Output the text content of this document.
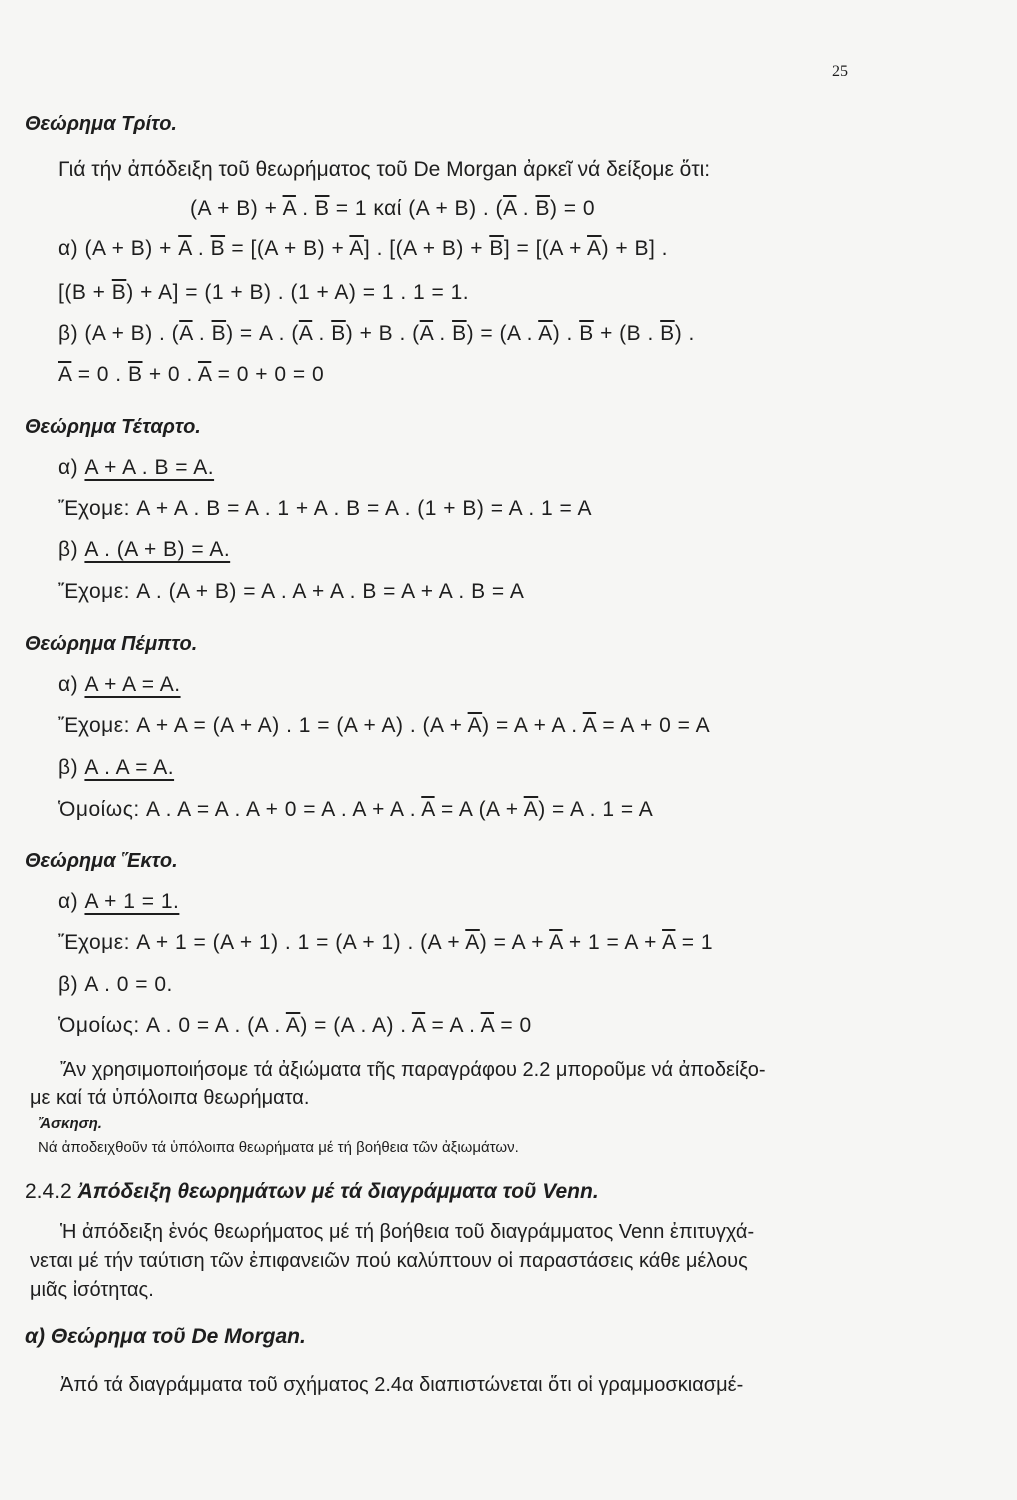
25
Θεώρημα Τρίτο.
Γιά τήν ἀπόδειξη τοῦ θεωρήματος τοῦ De Morgan ἀρκεῖ νά δείξομε ὅτι:
$(A + B) + \overline{A}$ . $\overline{B} = 1$ καί (A + B) . ($\overline{A}$ . $\overline{B}) = 0$
α) $(A + B) + \overline{A}$ . $\overline{B} = [(A + B) + \overline{A}]$ . $[(A + B) + \overline{B}] = [(A + \overline{A}) + B]$ .
$[(B + \overline{B}) + A] = (1 + B)$ . (1 + A) = 1 . 1 = 1.
β) (A + B) . ($\overline{A}$ . $\overline{B}) = A$ . ($\overline{A}$ . $\overline{B}) + B$ . ($\overline{A}$ . $\overline{B}) = (A$ . $\overline{A}$) . $\overline{B} + (B$ . $\overline{B}$) .
$\overline{A} = 0$ . $\overline{B} + 0$ . $\overline{A} = 0 + 0 = 0$
Θεώρημα Τέταρτο.
α) A + A . B = A.
Ἔχομε: A + A . B = A . 1 + A . B = A . (1 + B) = A . 1 = A
β) A . (A + B) = A.
Ἔχομε: A . (A + B) = A . A + A . B = A + A . B = A
Θεώρημα Πέμπτο.
α) A + A = A.
Ἔχομε: A + A = (A + A) . 1 = (A + A) . $(A + \overline{A}) = A + A$ . $\overline{A} = A + 0 = A$
β) A . A = A.
Ὁμοίως: A . A = A . A + 0 = A . A + A . $\overline{A} = A$ $(A + \overline{A}) = A$ . 1 = A
Θεώρημα Ἕκτο.
α) A + 1 = 1.
Ἔχομε: A + 1 = (A + 1) . 1 = (A + 1) . $(A + \overline{A}) = A + \overline{A} + 1 = A + \overline{A} = 1$
β) A . 0 = 0.
Ὁμοίως: A . 0 = A . (A . $\overline{A}) = (A$ . A) . $\overline{A} = A$ . $\overline{A} = 0$
Ἄν χρησιμοποιήσομε τά ἀξιώματα τῆς παραγράφου 2.2 μποροῦμε νά ἀποδείξο-
με καί τά ὑπόλοιπα θεωρήματα.
Ἄσκηση.
Νά ἀποδειχθοῦν τά ὑπόλοιπα θεωρήματα μέ τή βοήθεια τῶν ἀξιωμάτων.
2.4.2 Ἀπόδειξη θεωρημάτων μέ τά διαγράμματα τοῦ Venn.
Ἡ ἀπόδειξη ἑνός θεωρήματος μέ τή βοήθεια τοῦ διαγράμματος Venn ἐπιτυγχά-
νεται μέ τήν ταύτιση τῶν ἐπιφανειῶν πού καλύπτουν οἱ παραστάσεις κάθε μέλους
μιᾶς ἰσότητας.
α) Θεώρημα τοῦ De Morgan.
Ἀπό τά διαγράμματα τοῦ σχήματος 2.4α διαπιστώνεται ὅτι οἱ γραμμοσκιασμέ-
